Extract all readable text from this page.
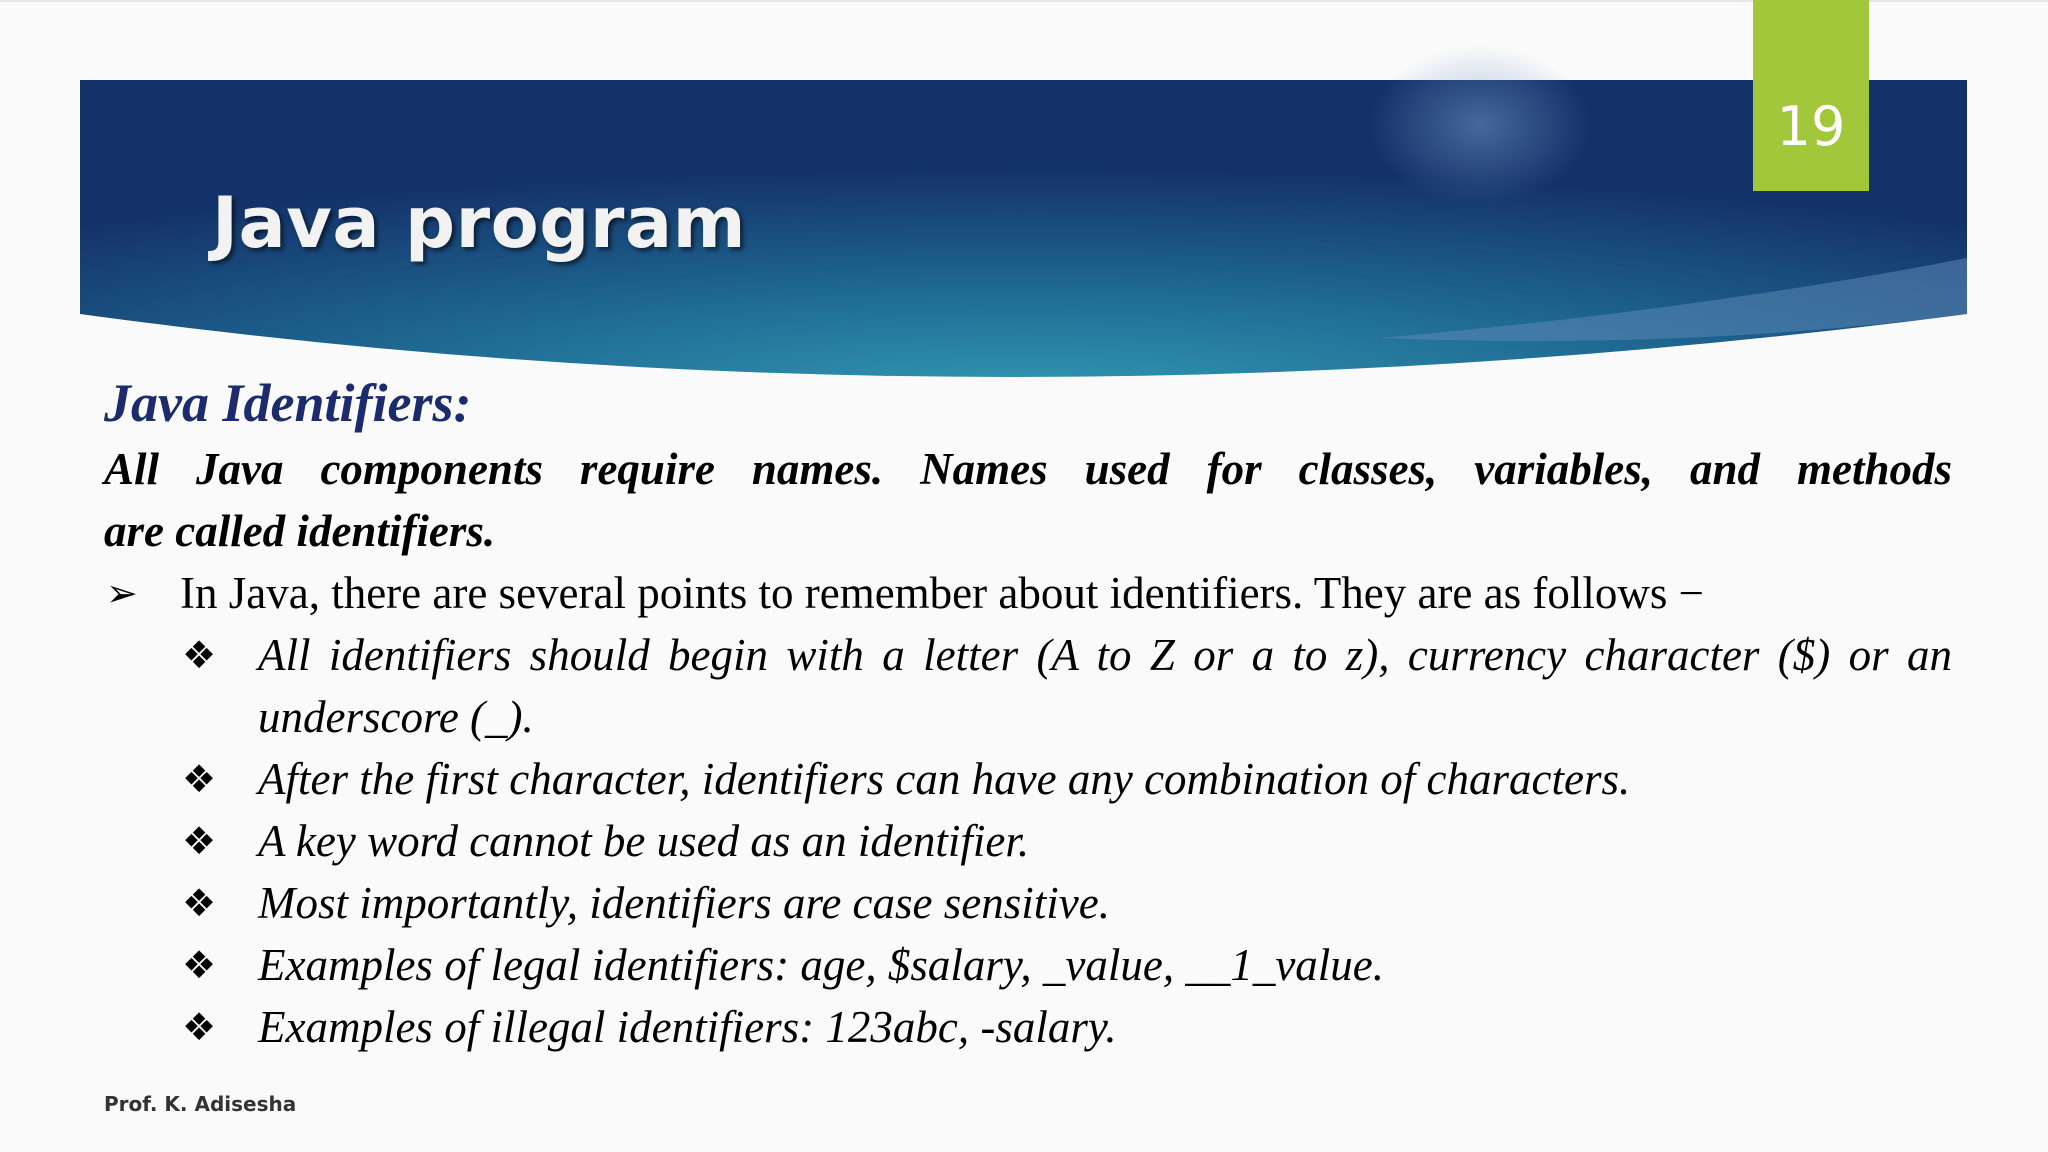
19
Java program
Java Identifiers:

All Java components require names. Names used for classes, variables, and methods
are called identifiers.

➢ In Java, there are several points to remember about identifiers. They are as follows −

❖ All identifiers should begin with a letter (A to Z or a to z), currency character ($) or an underscore (_).
❖ After the first character, identifiers can have any combination of characters.
❖ A key word cannot be used as an identifier.
❖ Most importantly, identifiers are case sensitive.
❖ Examples of legal identifiers: age, $salary, _value, __1_value.
❖ Examples of illegal identifiers: 123abc, -salary.
Prof. K. Adisesha
